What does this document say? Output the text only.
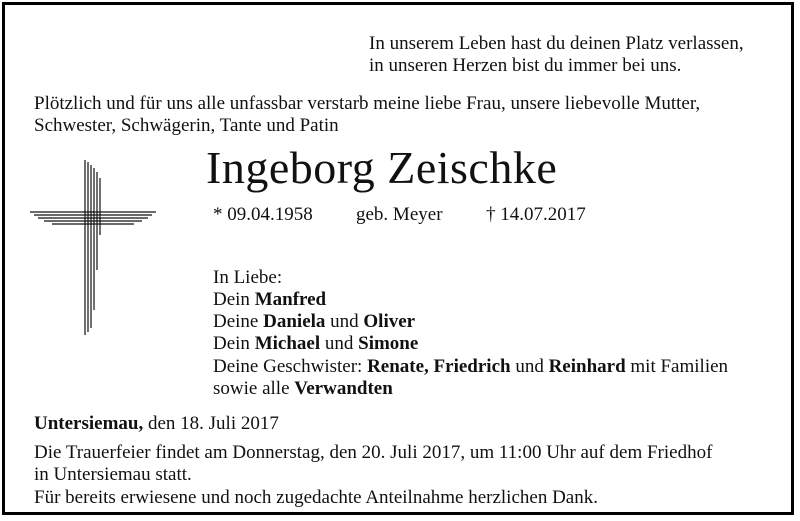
In unserem Leben hast du deinen Platz verlassen,
in unseren Herzen bist du immer bei uns.
Plötzlich und für uns alle unfassbar verstarb meine liebe Frau, unsere liebevolle Mutter,
Schwester, Schwägerin, Tante und Patin
Ingeborg Zeischke
* 09.04.1958 geb. Meyer † 14.07.2017
In Liebe:
Dein Manfred
Deine Daniela und Oliver
Dein Michael und Simone
Deine Geschwister: Renate, Friedrich und Reinhard mit Familien
sowie alle Verwandten
Untersiemau, den 18. Juli 2017
Die Trauerfeier findet am Donnerstag, den 20. Juli 2017, um 11:00 Uhr auf dem Friedhof
in Untersiemau statt.
Für bereits erwiesene und noch zugedachte Anteilnahme herzlichen Dank.
